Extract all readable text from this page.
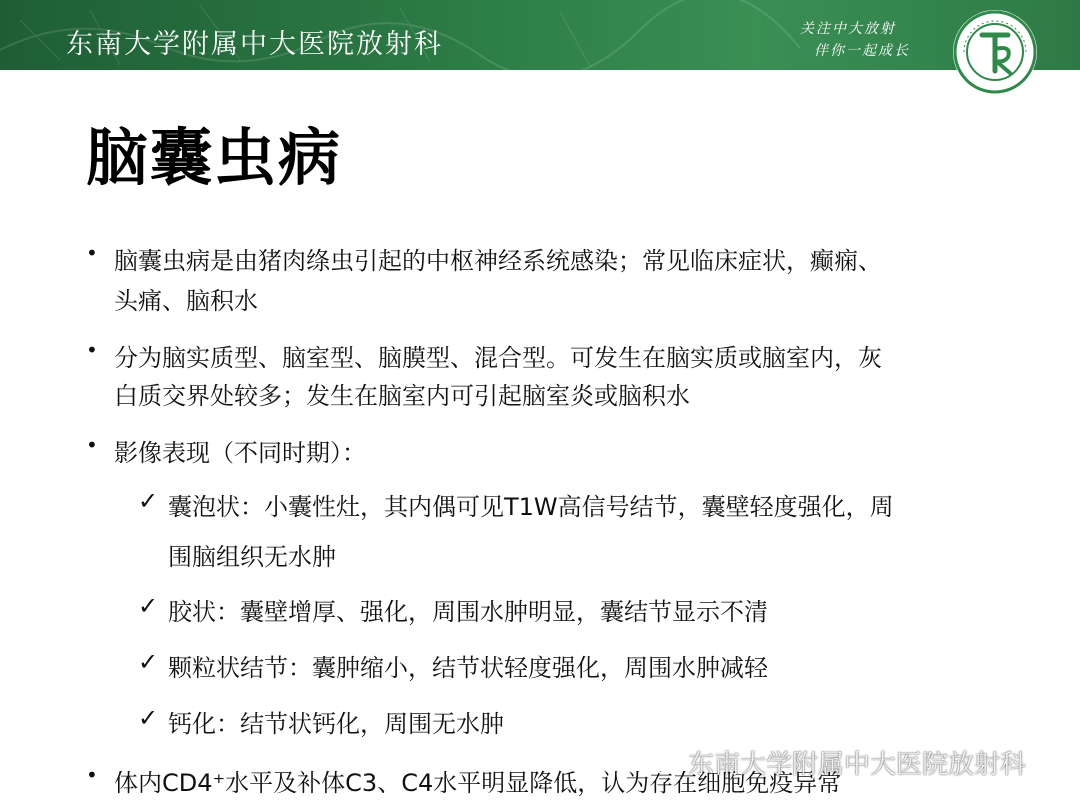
东南大学附属中大医院放射科	关注中大放射
伴你一起成长
脑囊虫病
• 脑囊虫病是由猪肉绦虫引起的中枢神经系统感染；常见临床症状，癫痫、
头痛、脑积水
• 分为脑实质型、脑室型、脑膜型、混合型。可发生在脑实质或脑室内，灰
白质交界处较多；发生在脑室内可引起脑室炎或脑积水
• 影像表现（不同时期）：
✓ 囊泡状：小囊性灶，其内偶可见T1W高信号结节，囊壁轻度强化，周
围脑组织无水肿
✓ 胶状：囊壁增厚、强化，周围水肿明显，囊结节显示不清
✓ 颗粒状结节：囊肿缩小，结节状轻度强化，周围水肿减轻
✓ 钙化：结节状钙化，周围无水肿
• 体内CD4⁺水平及补体C3、C4水平明显降低，认为存在细胞免疫异常
东南大学附属中大医院放射科
